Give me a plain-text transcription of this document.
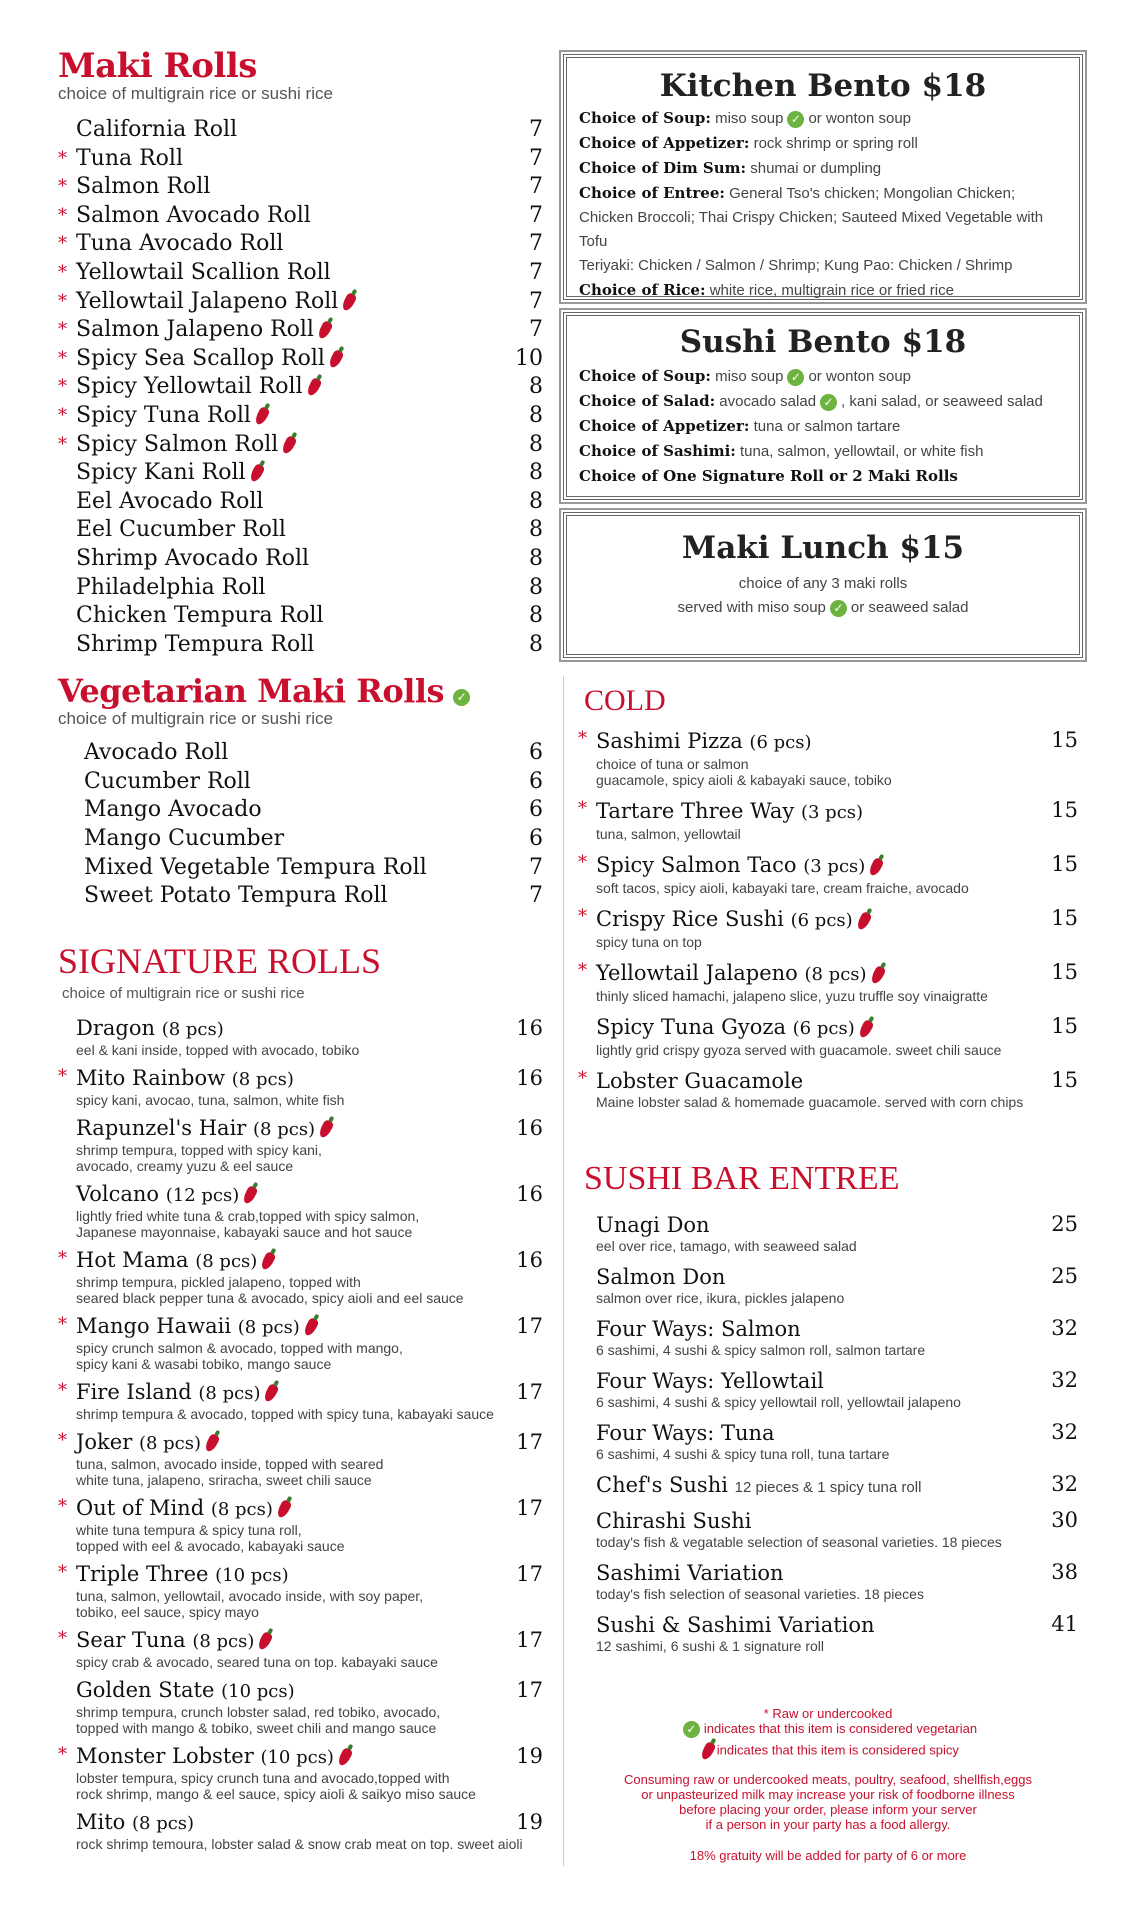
Maki Rolls
choice of multigrain rice or sushi rice
California Roll	7
* Tuna Roll	7
* Salmon Roll	7
* Salmon Avocado Roll	7
* Tuna Avocado Roll	7
* Yellowtail Scallion Roll	7
* Yellowtail Jalapeno Roll	7
* Salmon Jalapeno Roll	7
* Spicy Sea Scallop Roll	10
* Spicy Yellowtail Roll	8
* Spicy Tuna Roll	8
* Spicy Salmon Roll	8
Spicy Kani Roll	8
Eel Avocado Roll	8
Eel Cucumber Roll	8
Shrimp Avocado Roll	8
Philadelphia Roll	8
Chicken Tempura Roll	8
Shrimp Tempura Roll	8
Vegetarian Maki Rolls ✓
choice of multigrain rice or sushi rice
Avocado Roll	6
Cucumber Roll	6
Mango Avocado	6
Mango Cucumber	6
Mixed Vegetable Tempura Roll	7
Sweet Potato Tempura Roll	7
SIGNATURE ROLLS
choice of multigrain rice or sushi rice
Dragon (8 pcs)	16
eel & kani inside, topped with avocado, tobiko
* Mito Rainbow (8 pcs)	16
spicy kani, avocao, tuna, salmon, white fish
Rapunzel's Hair (8 pcs)	16
shrimp tempura, topped with spicy kani,
avocado, creamy yuzu & eel sauce
Volcano (12 pcs)	16
lightly fried white tuna & crab,topped with spicy salmon,
Japanese mayonnaise, kabayaki sauce and hot sauce
* Hot Mama (8 pcs)	16
shrimp tempura, pickled jalapeno, topped with
seared black pepper tuna & avocado, spicy aioli and eel sauce
* Mango Hawaii (8 pcs)	17
spicy crunch salmon & avocado, topped with mango,
spicy kani & wasabi tobiko, mango sauce
* Fire Island (8 pcs)	17
shrimp tempura & avocado, topped with spicy tuna, kabayaki sauce
* Joker (8 pcs)	17
tuna, salmon, avocado inside, topped with seared
white tuna, jalapeno, sriracha, sweet chili sauce
* Out of Mind (8 pcs)	17
white tuna tempura & spicy tuna roll,
topped with eel & avocado, kabayaki sauce
* Triple Three (10 pcs)	17
tuna, salmon, yellowtail, avocado inside, with soy paper,
tobiko, eel sauce, spicy mayo
* Sear Tuna (8 pcs)	17
spicy crab & avocado, seared tuna on top. kabayaki sauce
Golden State (10 pcs)	17
shrimp tempura, crunch lobster salad, red tobiko, avocado,
topped with mango & tobiko, sweet chili and mango sauce
* Monster Lobster (10 pcs)	19
lobster tempura, spicy crunch tuna and avocado,topped with
rock shrimp, mango & eel sauce, spicy aioli & saikyo miso sauce
Mito (8 pcs)	19
rock shrimp temoura, lobster salad & snow crab meat on top. sweet aioli
Kitchen Bento $18
Choice of Soup: miso soup ✓ or wonton soup
Choice of Appetizer: rock shrimp or spring roll
Choice of Dim Sum: shumai or dumpling
Choice of Entree: General Tso's chicken; Mongolian Chicken;
Chicken Broccoli; Thai Crispy Chicken; Sauteed Mixed Vegetable with Tofu
Teriyaki: Chicken / Salmon / Shrimp; Kung Pao: Chicken / Shrimp
Choice of Rice: white rice, multigrain rice or fried rice
Sushi Bento $18
Choice of Soup: miso soup ✓ or wonton soup
Choice of Salad: avocado salad ✓ , kani salad, or seaweed salad
Choice of Appetizer: tuna or salmon tartare
Choice of Sashimi: tuna, salmon, yellowtail, or white fish
Choice of One Signature Roll or 2 Maki Rolls
Maki Lunch $15
choice of any 3 maki rolls
served with miso soup ✓ or seaweed salad
COLD
* Sashimi Pizza (6 pcs)	15
choice of tuna or salmon
guacamole, spicy aioli & kabayaki sauce, tobiko
* Tartare Three Way (3 pcs)	15
tuna, salmon, yellowtail
* Spicy Salmon Taco (3 pcs)	15
soft tacos, spicy aioli, kabayaki tare, cream fraiche, avocado
* Crispy Rice Sushi (6 pcs)	15
spicy tuna on top
* Yellowtail Jalapeno (8 pcs)	15
thinly sliced hamachi, jalapeno slice, yuzu truffle soy vinaigratte
Spicy Tuna Gyoza (6 pcs)	15
lightly grid crispy gyoza served with guacamole. sweet chili sauce
* Lobster Guacamole	15
Maine lobster salad & homemade guacamole. served with corn chips
SUSHI BAR ENTREE
Unagi Don	25
eel over rice, tamago, with seaweed salad
Salmon Don	25
salmon over rice, ikura, pickles jalapeno
Four Ways: Salmon	32
6 sashimi, 4 sushi & spicy salmon roll, salmon tartare
Four Ways: Yellowtail	32
6 sashimi, 4 sushi & spicy yellowtail roll, yellowtail jalapeno
Four Ways: Tuna	32
6 sashimi, 4 sushi & spicy tuna roll, tuna tartare
Chef's Sushi 12 pieces & 1 spicy tuna roll	32
Chirashi Sushi	30
today's fish & vegatable selection of seasonal varieties. 18 pieces
Sashimi Variation	38
today's fish selection of seasonal varieties. 18 pieces
Sushi & Sashimi Variation	41
12 sashimi, 6 sushi & 1 signature roll
* Raw or undercooked
✓ indicates that this item is considered vegetarian
indicates that this item is considered spicy
Consuming raw or undercooked meats, poultry, seafood, shellfish,eggs
or unpasteurized milk may increase your risk of foodborne illness
before placing your order, please inform your server
if a person in your party has a food allergy.
18% gratuity will be added for party of 6 or more
